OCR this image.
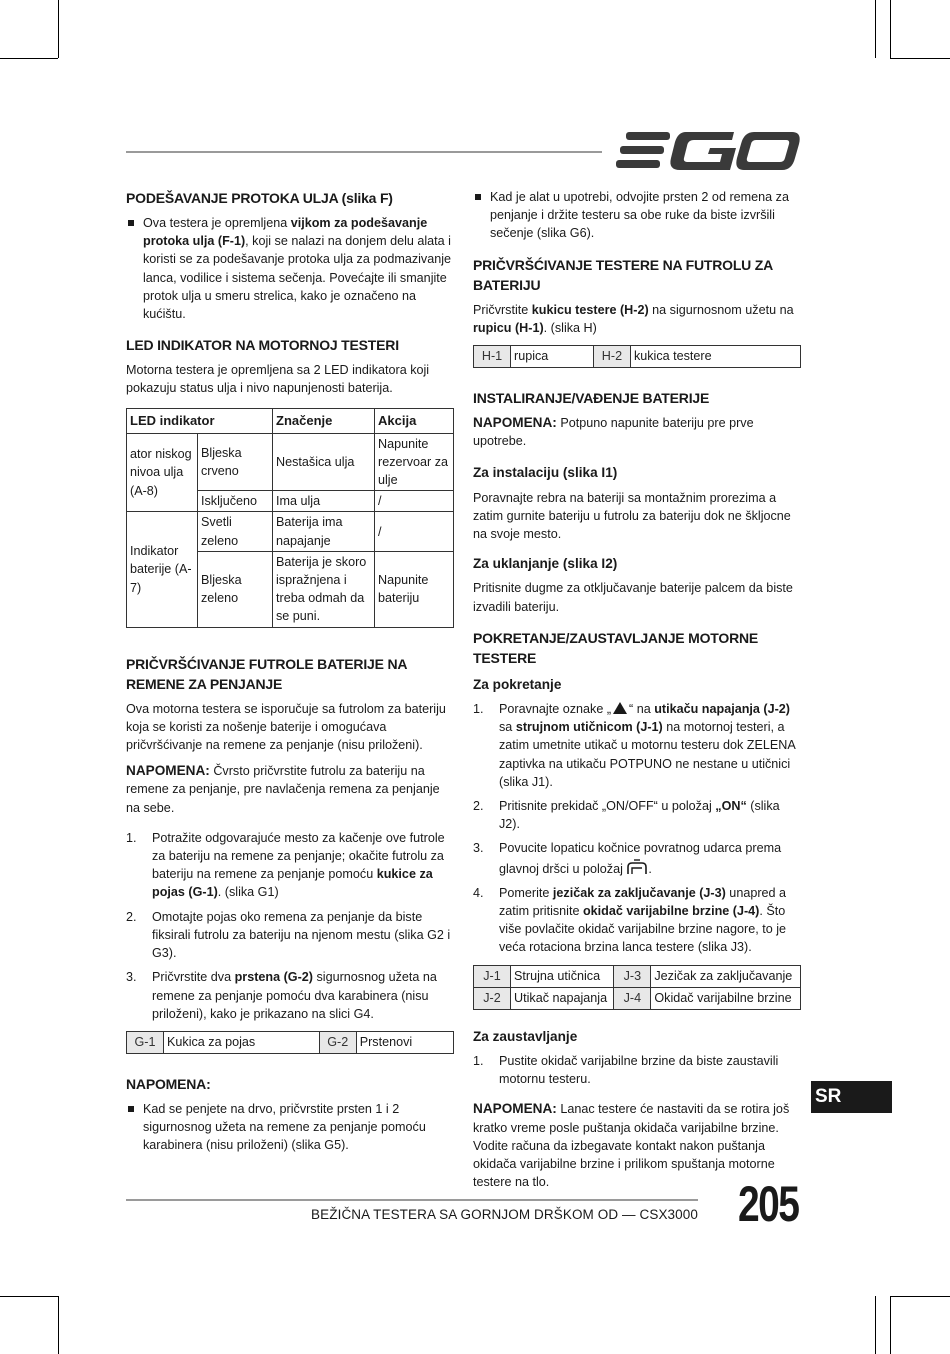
PODEŠAVANJE PROTOKA ULJA (slika F)
Ova testera je opremljena vijkom za podešavanje protoka ulja (F-1), koji se nalazi na donjem delu alata i koristi se za podešavanje protoka ulja za podmazivanje lanca, vodilice i sistema sečenja. Povećajte ili smanjite protok ulja u smeru strelica, kako je označeno na kućištu.
LED INDIKATOR NA MOTORNOJ TESTERI

Motorna testera je opremljena sa 2 LED indikatora koji pokazuju status ulja i nivo napunjenosti baterija.

LED indikator		Značenje	Akcija
ator niskog nivoa ulja (A-8)	Bljeska crveno	Nestašica ulja	Napunite rezervoar za ulje
	Isključeno	Ima ulja	/
Indikator baterije (A-7)	Svetli zeleno	Baterija ima napajanje	/
	Bljeska zeleno	Baterija je skoro ispražnjena i treba odmah da se puni.	Napunite bateriju
PRIČVRŠĆIVANJE FUTROLE BATERIJE NA REMENE ZA PENJANJE

Ova motorna testera se isporučuje sa futrolom za bateriju koja se koristi za nošenje baterije i omogućava pričvršćivanje na remene za penjanje (nisu priloženi).

NAPOMENA: Čvrsto pričvrstite futrolu za bateriju na remene za penjanje, pre navlačenja remena za penjanje na sebe.

1. Potražite odgovarajuće mesto za kačenje ove futrole za bateriju na remene za penjanje; okačite futrolu za bateriju na remene za penjanje pomoću kukice za pojas (G-1). (slika G1)
2. Omotajte pojas oko remena za penjanje da biste fiksirali futrolu za bateriju na njenom mestu (slika G2 i G3).
3. Pričvrstite dva prstena (G-2) sigurnosnog užeta na remene za penjanje pomoću dva karabinera (nisu priloženi), kako je prikazano na slici G4.
G-1	Kukica za pojas	G-2	Prstenovi
NAPOMENA:
Kad se penjete na drvo, pričvrstite prsten 1 i 2 sigurnosnog užeta na remene za penjanje pomoću karabinera (nisu priloženi) (slika G5).
Kad je alat u upotrebi, odvojite prsten 2 od remena za penjanje i držite testeru sa obe ruke da biste izvršili sečenje (slika G6).
PRIČVRŠĆIVANJE TESTERE NA FUTROLU ZA BATERIJU

Pričvrstite kukicu testere (H-2) na sigurnosnom užetu na rupicu (H-1). (slika H)

H-1	rupica	H-2	kukica testere
INSTALIRANJE/VAĐENJE BATERIJE

NAPOMENA: Potpuno napunite bateriju pre prve upotrebe.

Za instalaciju (slika I1)

Poravnajte rebra na bateriji sa montažnim prorezima a zatim gurnite bateriju u futrolu za bateriju dok ne škljocne na svoje mesto.

Za uklanjanje (slika I2)

Pritisnite dugme za otključavanje baterije palcem da biste izvadili bateriju.

POKRETANJE/ZAUSTAVLJANJE MOTORNE TESTERE
Za pokretanje
1. Poravnajte oznake „ “ na utikaču napajanja (J-2) sa strujnom utičnicom (J-1) na motornoj testeri, a zatim umetnite utikač u motornu testeru dok ZELENA zaptivka na utikaču POTPUNO ne nestane u utičnici (slika J1).
2. Pritisnite prekidač „ON/OFF“ u položaj „ON“ (slika J2).
3. Povucite lopaticu kočnice povratnog udarca prema glavnoj dršci u položaj .
4. Pomerite jezičak za zaključavanje (J-3) unapred a zatim pritisnite okidač varijabilne brzine (J-4). Što više povlačite okidač varijabilne brzine nagore, to je veća rotaciona brzina lanca testere (slika J3).
J-1	Strujna utičnica	J-3	Jezičak za zaključavanje
J-2	Utikač napajanja	J-4	Okidač varijabilne brzine
Za zaustavljanje
1. Pustite okidač varijabilne brzine da biste zaustavili motornu testeru.

NAPOMENA: Lanac testere će nastaviti da se rotira još kratko vreme posle puštanja okidača varijabilne brzine. Vodite računa da izbegavate kontakt nakon puštanja okidača varijabilne brzine i prilikom spuštanja motorne testere na tlo.

SR
BEŽIČNA TESTERA SA GORNJOM DRŠKOM OD — CSX3000 205
